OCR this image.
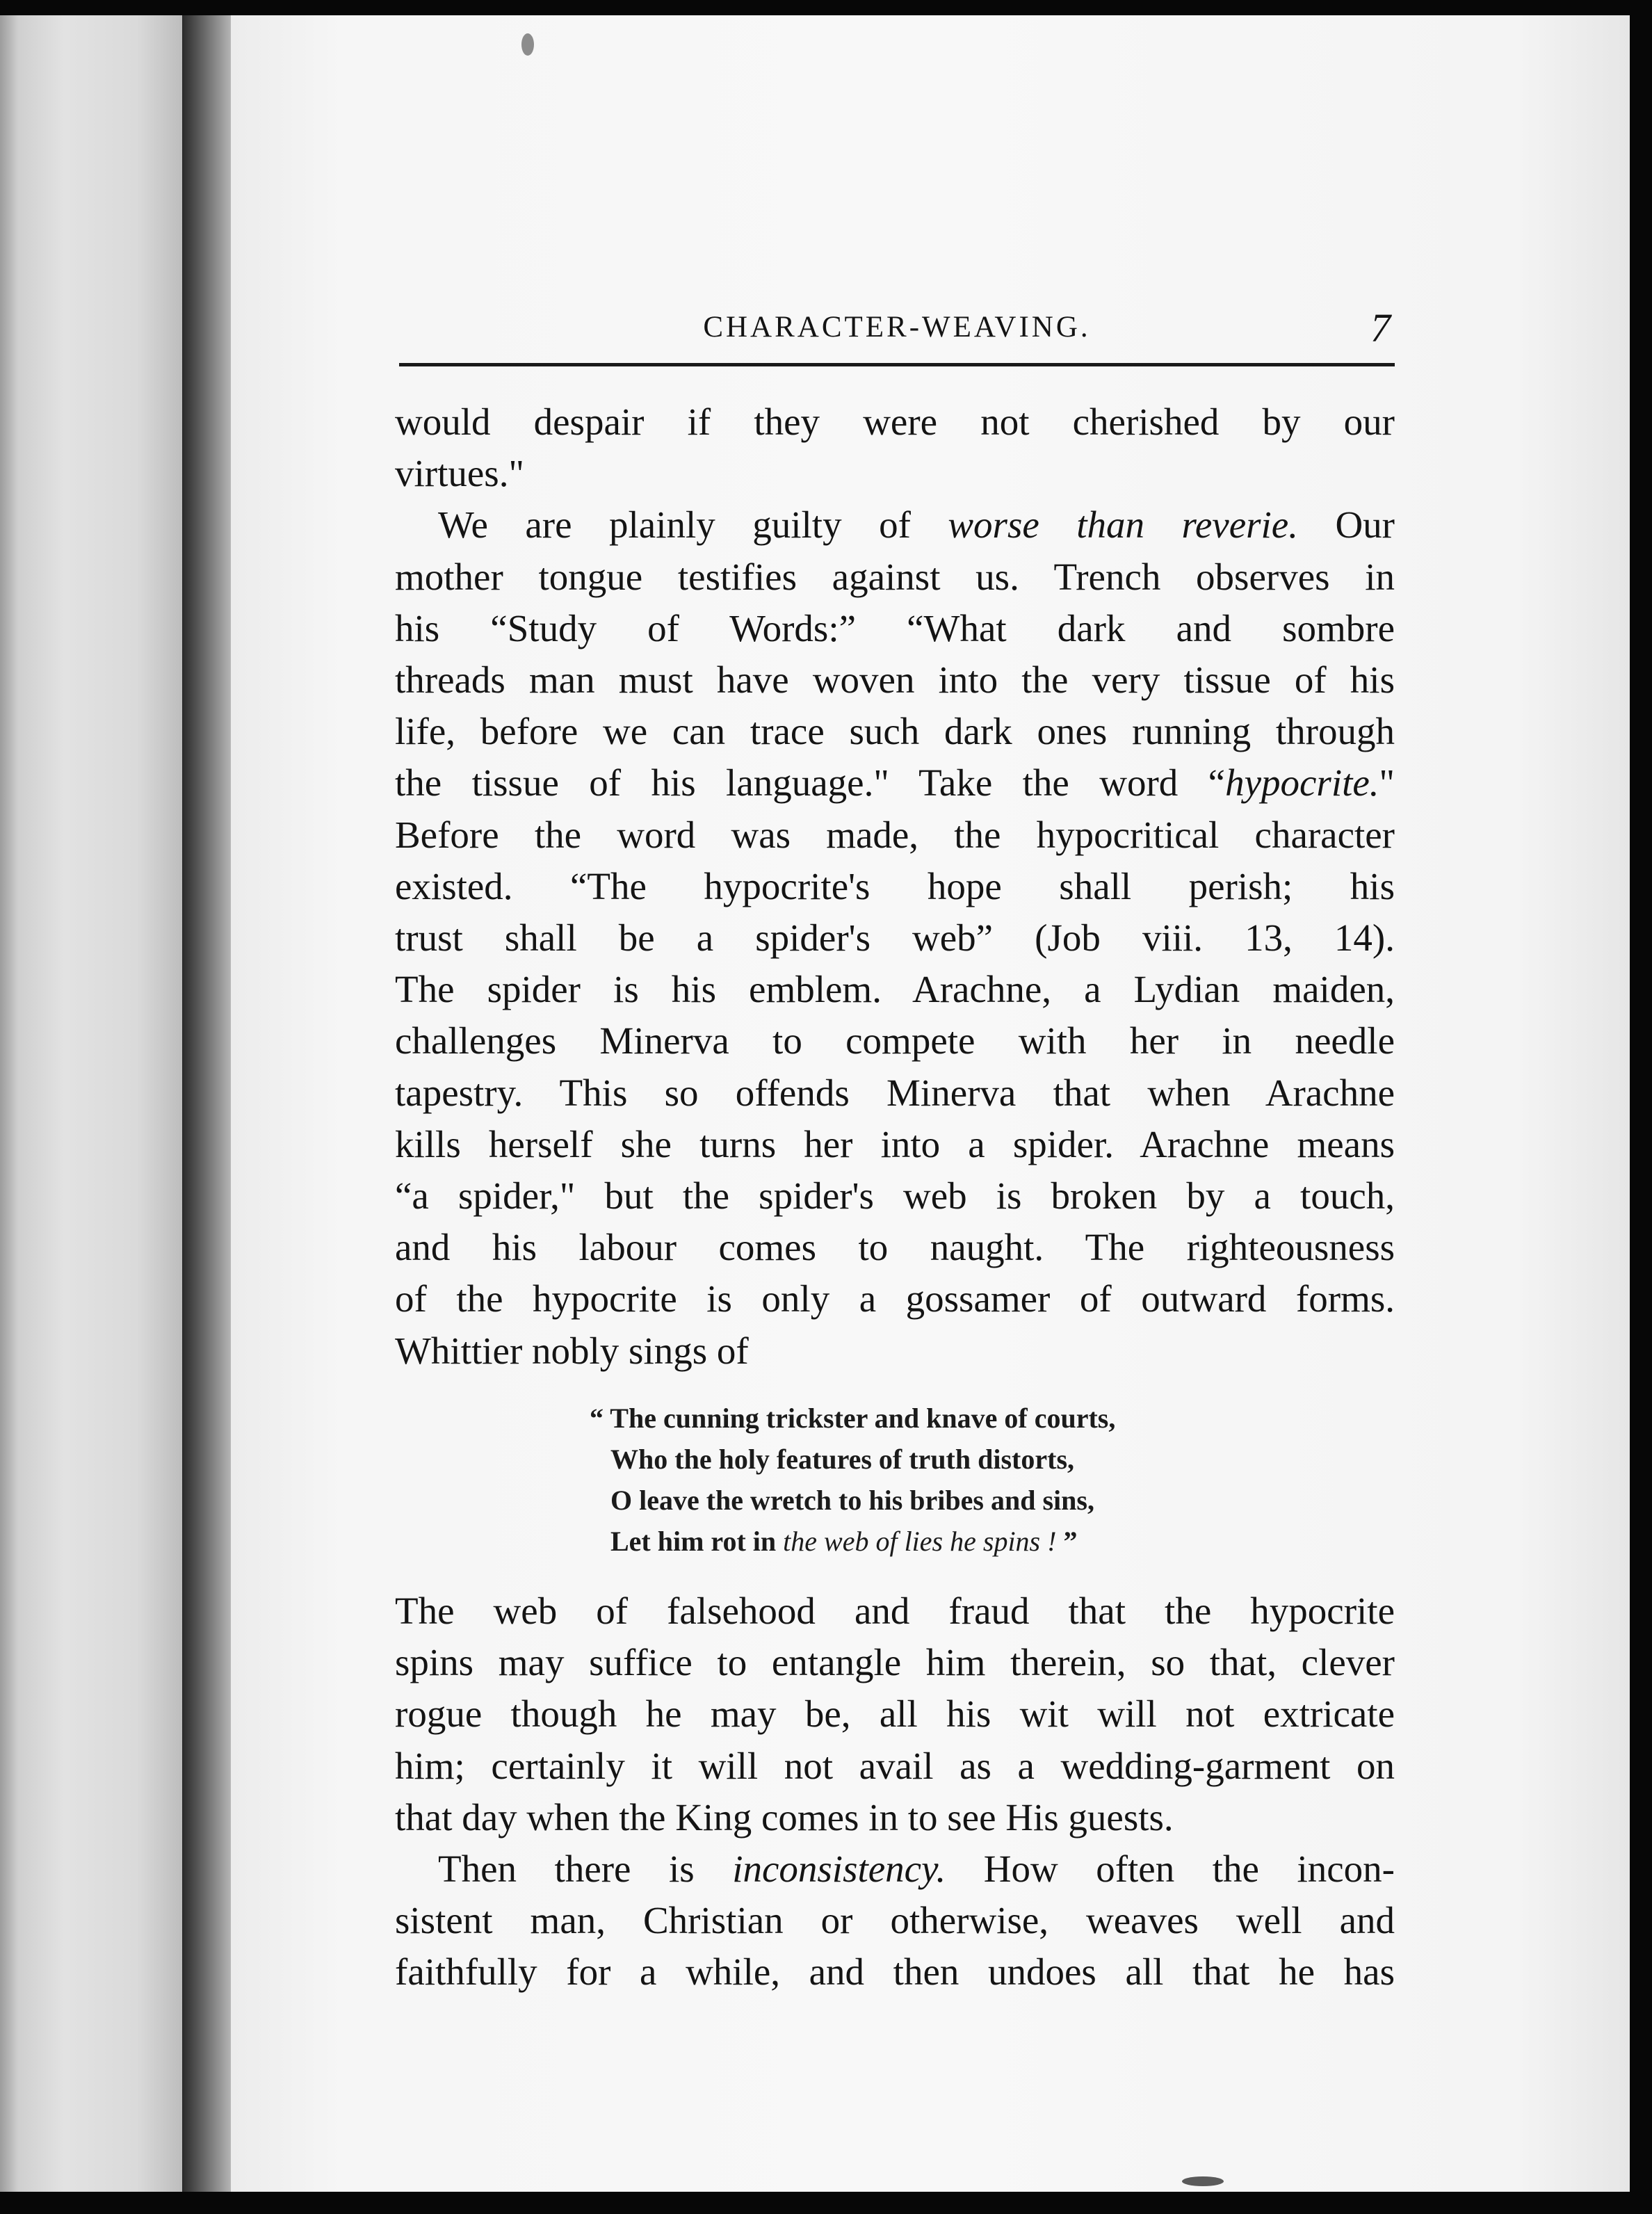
CHARACTER-WEAVING.	7
would despair if they were not cherished by our
virtues."
We are plainly guilty of worse than reverie. Our
mother tongue testifies against us. Trench observes in
his “Study of Words:” “What dark and sombre
threads man must have woven into the very tissue of his
life, before we can trace such dark ones running through
the tissue of his language." Take the word “hypocrite."
Before the word was made, the hypocritical character
existed. “The hypocrite's hope shall perish; his
trust shall be a spider's web” (Job viii. 13, 14).
The spider is his emblem. Arachne, a Lydian maiden,
challenges Minerva to compete with her in needle
tapestry. This so offends Minerva that when Arachne
kills herself she turns her into a spider. Arachne means
“a spider," but the spider's web is broken by a touch,
and his labour comes to naught. The righteousness
of the hypocrite is only a gossamer of outward forms.
Whittier nobly sings of
“ The cunning trickster and knave of courts,
Who the holy features of truth distorts,
O leave the wretch to his bribes and sins,
Let him rot in the web of lies he spins ! ”
The web of falsehood and fraud that the hypocrite
spins may suffice to entangle him therein, so that, clever
rogue though he may be, all his wit will not extricate
him; certainly it will not avail as a wedding-garment on
that day when the King comes in to see His guests.
Then there is inconsistency. How often the incon-
sistent man, Christian or otherwise, weaves well and
faithfully for a while, and then undoes all that he has
